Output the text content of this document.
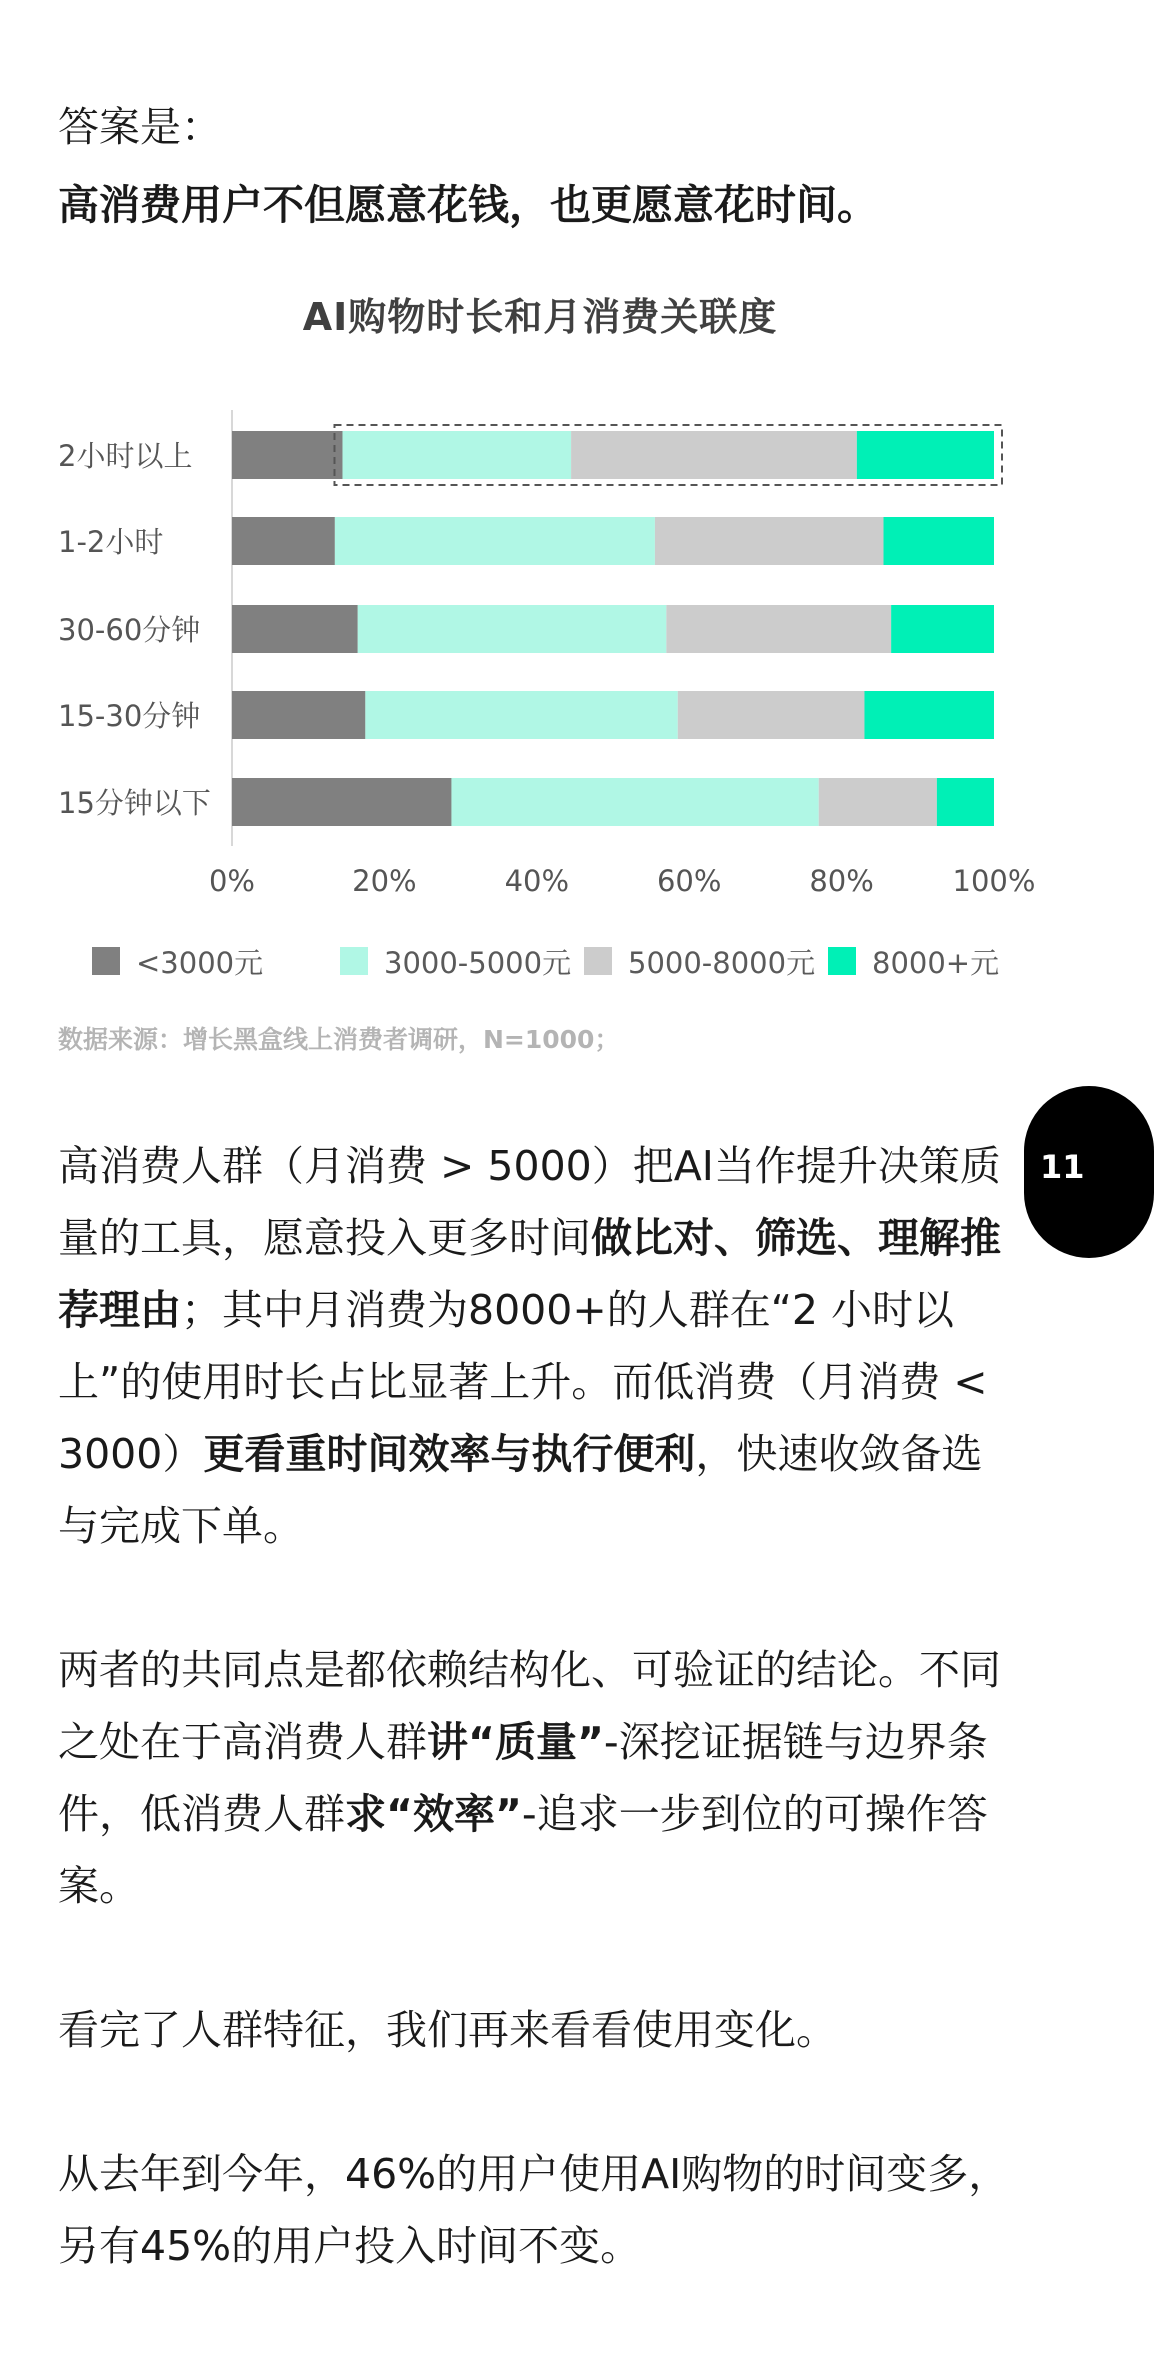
答案是：
高消费用户不但愿意花钱，也更愿意花时间。
AI购物时长和月消费关联度
2小时以上
1-2小时
30-60分钟
15-30分钟
15分钟以下
0%	20%	40%	60%	80%	100%
<3000元	3000-5000元 5000-8000元 8000+元
数据来源：增长黑盒线上消费者调研，N=1000；
11

高消费人群（月消费 > 5000）把AI当作提升决策质量的工具，愿意投入更多时间做比对、筛选、理解推荐理由；其中月消费为8000+的人群在“2 小时以上”的使用时长占比显著上升。而低消费（月消费 < 3000）更看重时间效率与执行便利，快速收敛备选与完成下单。

两者的共同点是都依赖结构化、可验证的结论。不同之处在于高消费人群讲“质量”-深挖证据链与边界条件，低消费人群求“效率”-追求一步到位的可操作答案。

看完了人群特征，我们再来看看使用变化。

从去年到今年，46%的用户使用AI购物的时间变多，另有45%的用户投入时间不变。
